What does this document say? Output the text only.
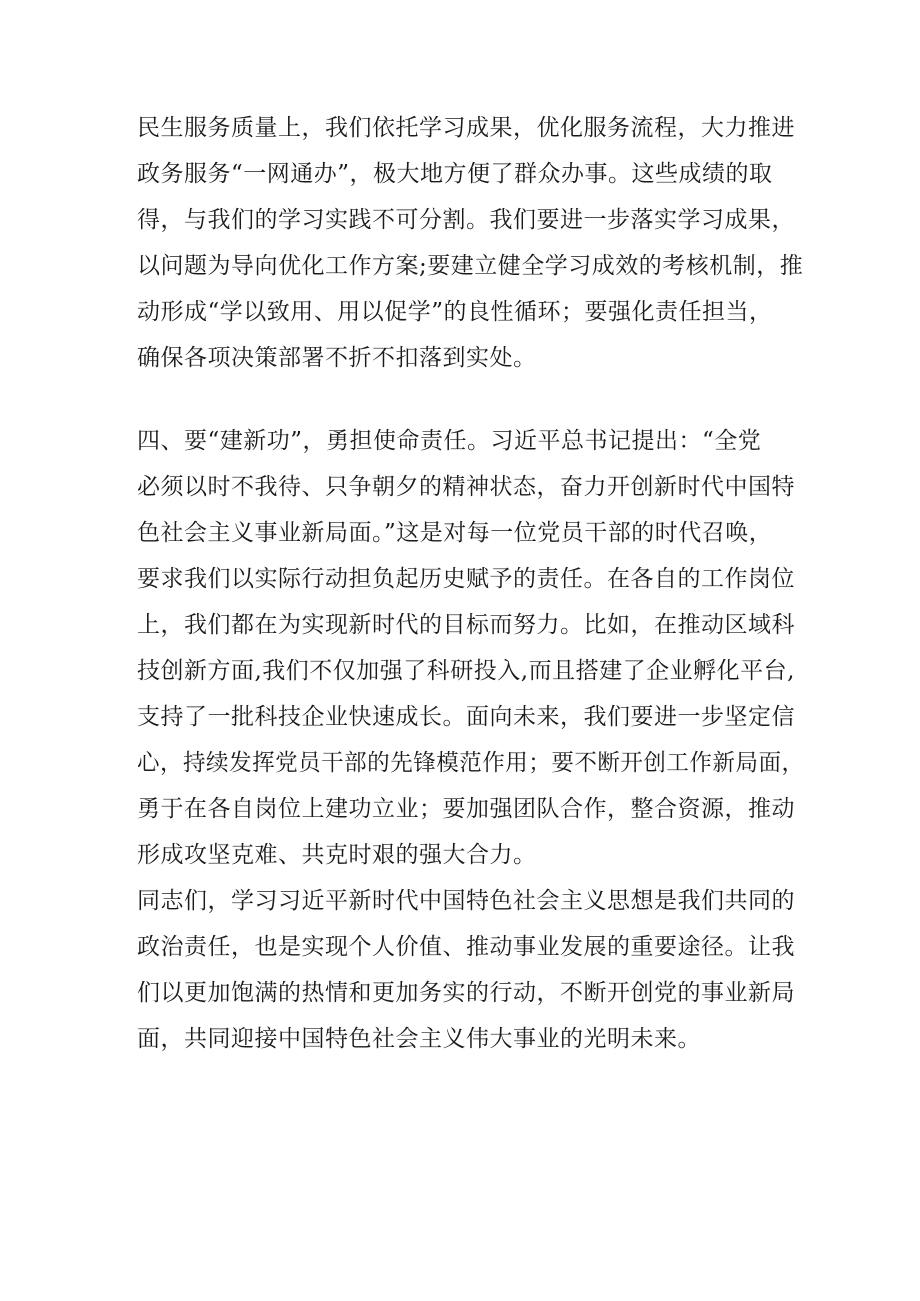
民生服务质量上，我们依托学习成果，优化服务流程，大力推进
政务服务“一网通办”，极大地方便了群众办事。这些成绩的取
得，与我们的学习实践不可分割。我们要进一步落实学习成果，
以问题为导向优化工作方案;要建立健全学习成效的考核机制，推
动形成“学以致用、用以促学”的良性循环；要强化责任担当，
确保各项决策部署不折不扣落到实处。
四、要“建新功”，勇担使命责任。习近平总书记提出：“全党
必须以时不我待、只争朝夕的精神状态，奋力开创新时代中国特
色社会主义事业新局面。”这是对每一位党员干部的时代召唤，
要求我们以实际行动担负起历史赋予的责任。在各自的工作岗位
上，我们都在为实现新时代的目标而努力。比如，在推动区域科
技创新方面,我们不仅加强了科研投入,而且搭建了企业孵化平台,
支持了一批科技企业快速成长。面向未来，我们要进一步坚定信
心，持续发挥党员干部的先锋模范作用；要不断开创工作新局面，
勇于在各自岗位上建功立业；要加强团队合作，整合资源，推动
形成攻坚克难、共克时艰的强大合力。
同志们，学习习近平新时代中国特色社会主义思想是我们共同的
政治责任，也是实现个人价值、推动事业发展的重要途径。让我
们以更加饱满的热情和更加务实的行动，不断开创党的事业新局
面，共同迎接中国特色社会主义伟大事业的光明未来。
